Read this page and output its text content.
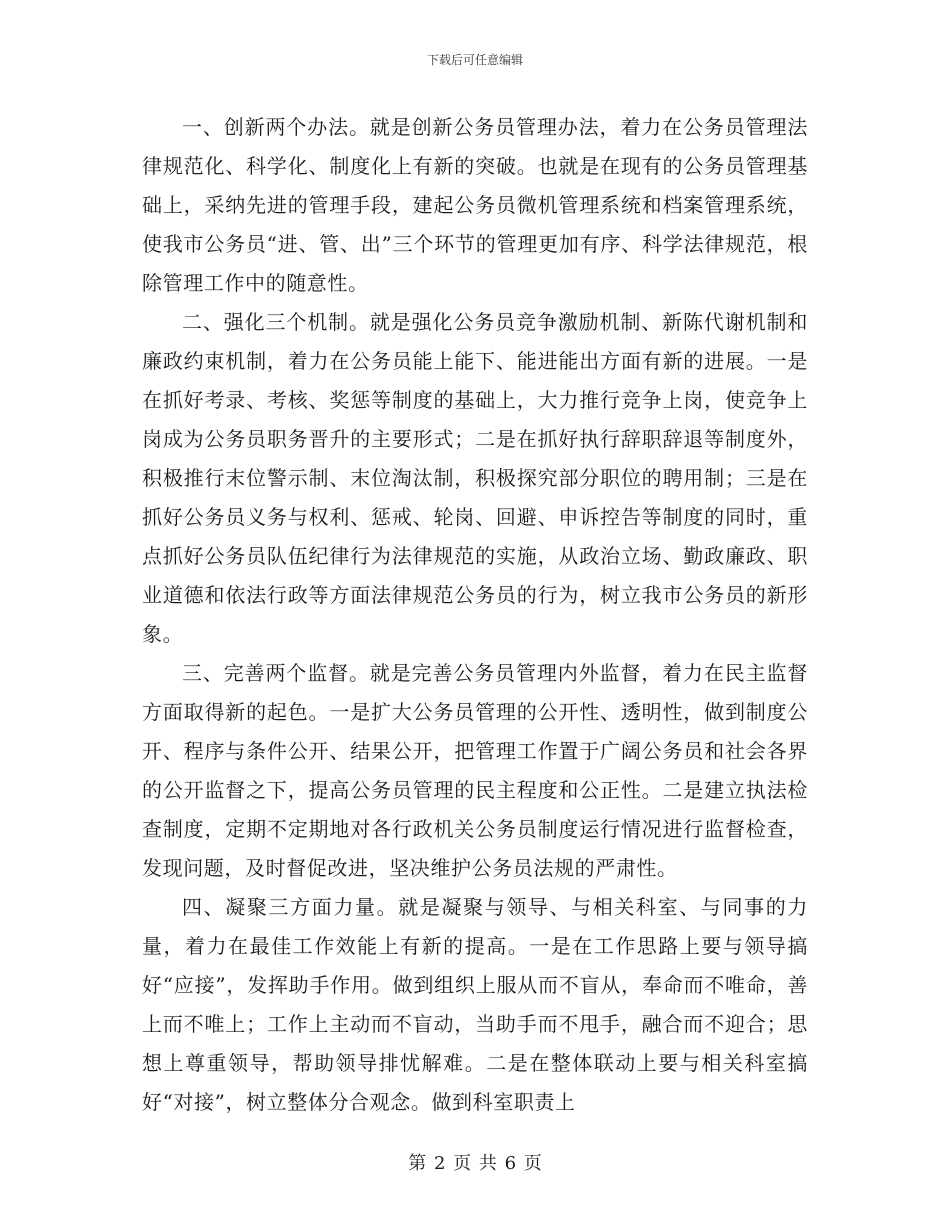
下载后可任意编辑

一、创新两个办法。就是创新公务员管理办法，着力在公务员管理法律规范化、科学化、制度化上有新的突破。也就是在现有的公务员管理基础上，采纳先进的管理手段，建起公务员微机管理系统和档案管理系统，使我市公务员“进、管、出”三个环节的管理更加有序、科学法律规范，根除管理工作中的随意性。

二、强化三个机制。就是强化公务员竞争激励机制、新陈代谢机制和廉政约束机制，着力在公务员能上能下、能进能出方面有新的进展。一是在抓好考录、考核、奖惩等制度的基础上，大力推行竞争上岗，使竞争上岗成为公务员职务晋升的主要形式；二是在抓好执行辞职辞退等制度外，积极推行末位警示制、末位淘汰制，积极探究部分职位的聘用制；三是在抓好公务员义务与权利、惩戒、轮岗、回避、申诉控告等制度的同时，重点抓好公务员队伍纪律行为法律规范的实施，从政治立场、勤政廉政、职业道德和依法行政等方面法律规范公务员的行为，树立我市公务员的新形象。

三、完善两个监督。就是完善公务员管理内外监督，着力在民主监督方面取得新的起色。一是扩大公务员管理的公开性、透明性，做到制度公开、程序与条件公开、结果公开，把管理工作置于广阔公务员和社会各界的公开监督之下，提高公务员管理的民主程度和公正性。二是建立执法检查制度，定期不定期地对各行政机关公务员制度运行情况进行监督检查，发现问题，及时督促改进，坚决维护公务员法规的严肃性。

四、凝聚三方面力量。就是凝聚与领导、与相关科室、与同事的力量，着力在最佳工作效能上有新的提高。一是在工作思路上要与领导搞好“应接”，发挥助手作用。做到组织上服从而不盲从，奉命而不唯命，善上而不唯上；工作上主动而不盲动，当助手而不甩手，融合而不迎合；思想上尊重领导，帮助领导排忧解难。二是在整体联动上要与相关科室搞好“对接”，树立整体分合观念。做到科室职责上

第 2 页 共 6 页
